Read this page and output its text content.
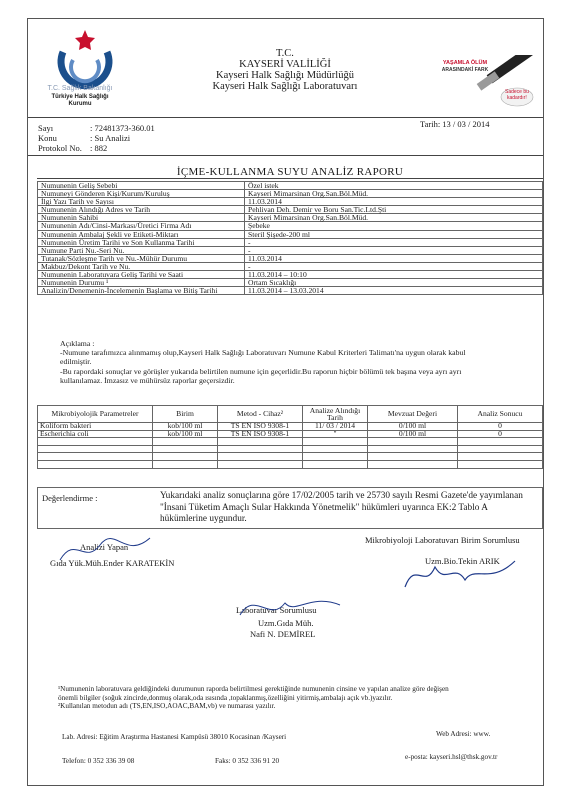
T.C. Sağlık Bakanlığı
Türkiye Halk Sağlığı
Kurumu
T.C.
KAYSERİ VALİLİĞİ
Kayseri Halk Sağlığı Müdürlüğü
Kayseri Halk Sağlığı Laboratuvarı
YAŞAMLA ÖLÜM
ARASINDAKİ FARK
Sadece bu
kadardır!
Sayı	: 72481373-360.01
Konu	: Su Analizi
Protokol No. : 882
Tarih: 13 / 03 / 2014
İÇME-KULLANMA SUYU ANALİZ RAPORU
Numunenin Geliş Sebebi	Özel istek
Numuneyi Gönderen Kişi/Kurum/Kuruluş	Kayseri Mimarsinan Org.San.Böl.Müd.
İlgi Yazı Tarih ve Sayısı	11.03.2014
Numunenin Alındığı Adres ve Tarih	Pehlivan Deh. Demir ve Boru San.Tic.Ltd.Şti
Numunenin Sahibi	Kayseri Mimarsinan Org.San.Böl.Müd.
Numunenin Adı/Cinsi-Markası/Üretici Firma Adı	Şebeke
Numunenin Ambalaj Şekli ve Etiketi-Miktarı	Steril Şişede-200 ml
Numunenin Üretim Tarihi ve Son Kullanma Tarihi	-
Numune Parti Nu.-Seri Nu.	-
Tutanak/Sözleşme Tarih ve Nu.-Mühür Durumu	11.03.2014
Makbuz/Dekont Tarih ve Nu.	-
Numunenin Laboratuvara Geliş Tarihi ve Saati	11.03.2014 – 10:10
Numunenin Durumu ¹	Ortam Sıcaklığı
Analizin/Denemenin-İncelemenin Başlama ve Bitiş Tarihi	11.03.2014 – 13.03.2014
Açıklama :
-Numune tarafımızca alınmamış olup,Kayseri Halk Sağlığı Laboratuvarı Numune Kabul Kriterleri Talimatı'na uygun olarak kabul
edilmiştir.
-Bu rapordaki sonuçlar ve görüşler yukarıda belirtilen numune için geçerlidir.Bu raporun hiçbir bölümü tek başına veya ayrı ayrı
kullanılamaz. İmzasız ve mühürsüz raporlar geçersizdir.
Mikrobiyolojik Parametreler	Birim	Metod - Cihaz²	Analize Alındığı Tarih	Mevzuat Değeri	Analiz Sonucu
Koliform bakteri	kob/100 ml	TS EN ISO 9308-1	11/ 03 / 2014	0/100 ml	0
Escherichia coli	kob/100 ml	TS EN ISO 9308-1	"	0/100 ml	0

Değerlendirme :	Yukarıdaki analiz sonuçlarına göre 17/02/2005 tarih ve 25730 sayılı Resmi Gazete'de yayımlanan
"İnsani Tüketim Amaçlı Sular Hakkında Yönetmelik" hükümleri uyarınca EK:2 Tablo A
hükümlerine uygundur.
Analizi Yapan
Gıda Yük.Müh.Ender KARATEKİN
Mikrobiyoloji Laboratuvarı Birim Sorumlusu
Uzm.Bio.Tekin ARIK
Laboratuvar Sorumlusu
Uzm.Gıda Müh.
Nafi N. DEMİREL
¹Numunenin laboratuvara geldiğindeki durumunun raporda belirtilmesi gerektiğinde numunenin cinsine ve yapılan analize göre değişen
önemli bilgiler (soğuk zincirde,donmuş olarak,oda ısısında ,topaklanmış,özelliğini yitirmiş,ambalajı açık vb.)yazılır.
²Kullanılan metodun adı (TS,EN,ISO,AOAC,BAM,vb) ve numarası yazılır.
Lab. Adresi: Eğitim Araştırma Hastanesi Kampüsü 38010 Kocasinan /Kayseri	Web Adresi: www.
Telefon: 0 352 336 39 08	Faks: 0 352 336 91 20	e-posta: kayseri.hsl@thsk.gov.tr
